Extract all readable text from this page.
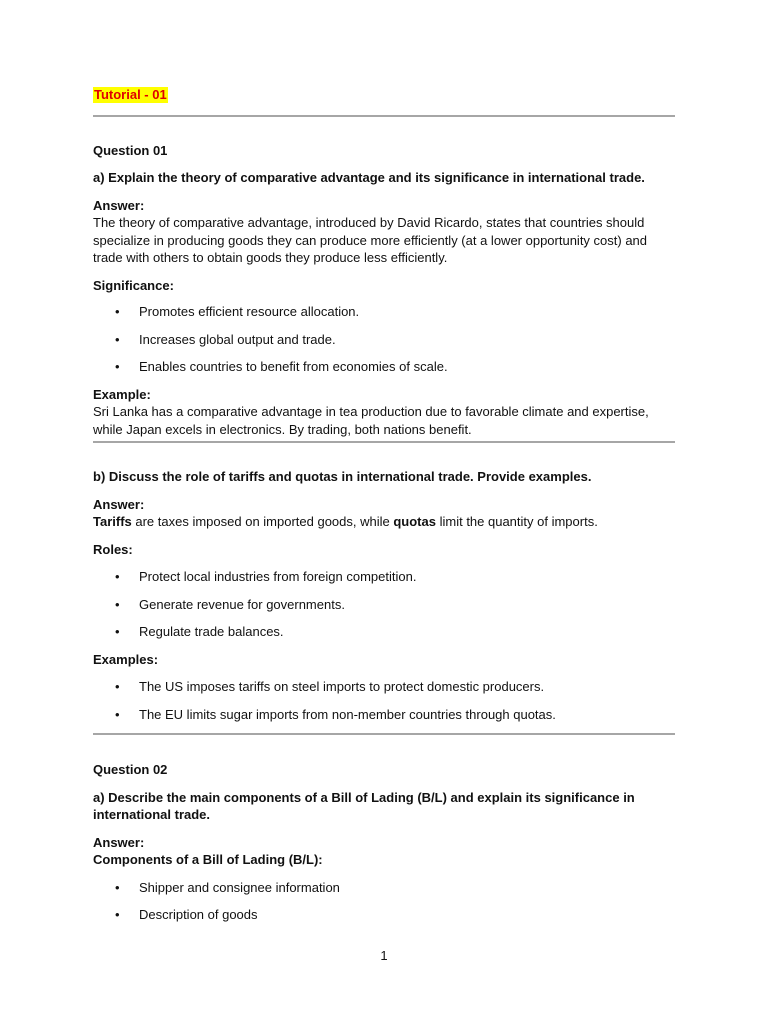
Tutorial - 01

Question 01

a) Explain the theory of comparative advantage and its significance in international trade.

Answer:

The theory of comparative advantage, introduced by David Ricardo, states that countries should specialize in producing goods they can produce more efficiently (at a lower opportunity cost) and trade with others to obtain goods they produce less efficiently.

Significance:

• Promotes efficient resource allocation.
• Increases global output and trade.
• Enables countries to benefit from economies of scale.

Example:

Sri Lanka has a comparative advantage in tea production due to favorable climate and expertise, while Japan excels in electronics. By trading, both nations benefit.

b) Discuss the role of tariffs and quotas in international trade. Provide examples.

Answer:

Tariffs are taxes imposed on imported goods, while quotas limit the quantity of imports.

Roles:

• Protect local industries from foreign competition.
• Generate revenue for governments.
• Regulate trade balances.

Examples:

• The US imposes tariffs on steel imports to protect domestic producers.
• The EU limits sugar imports from non-member countries through quotas.

Question 02

a) Describe the main components of a Bill of Lading (B/L) and explain its significance in international trade.

Answer:

Components of a Bill of Lading (B/L):

• Shipper and consignee information
• Description of goods
1
